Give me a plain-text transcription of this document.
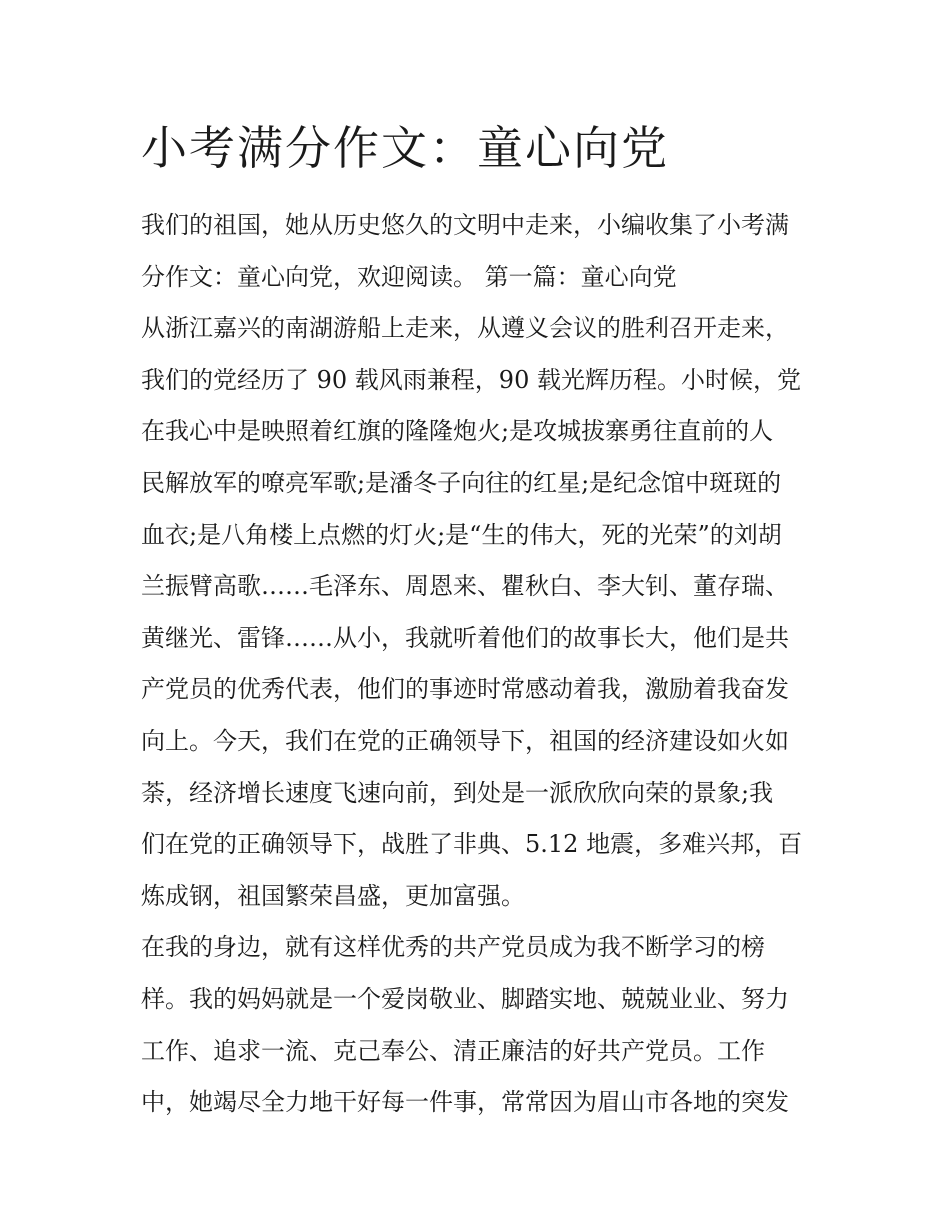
小考满分作文：童心向党
我们的祖国，她从历史悠久的文明中走来，小编收集了小考满
分作文：童心向党，欢迎阅读。 第一篇：童心向党
从浙江嘉兴的南湖游船上走来，从遵义会议的胜利召开走来，
我们的党经历了 90 载风雨兼程，90 载光辉历程。小时候，党
在我心中是映照着红旗的隆隆炮火;是攻城拔寨勇往直前的人
民解放军的嘹亮军歌;是潘冬子向往的红星;是纪念馆中斑斑的
血衣;是八角楼上点燃的灯火;是“生的伟大，死的光荣”的刘胡
兰振臂高歌……毛泽东、周恩来、瞿秋白、李大钊、董存瑞、
黄继光、雷锋……从小，我就听着他们的故事长大，他们是共
产党员的优秀代表，他们的事迹时常感动着我，激励着我奋发
向上。今天，我们在党的正确领导下，祖国的经济建设如火如
荼，经济增长速度飞速向前，到处是一派欣欣向荣的景象;我
们在党的正确领导下，战胜了非典、5.12 地震，多难兴邦，百
炼成钢，祖国繁荣昌盛，更加富强。
在我的身边，就有这样优秀的共产党员成为我不断学习的榜
样。我的妈妈就是一个爱岗敬业、脚踏实地、兢兢业业、努力
工作、追求一流、克己奉公、清正廉洁的好共产党员。工作
中，她竭尽全力地干好每一件事，常常因为眉山市各地的突发
